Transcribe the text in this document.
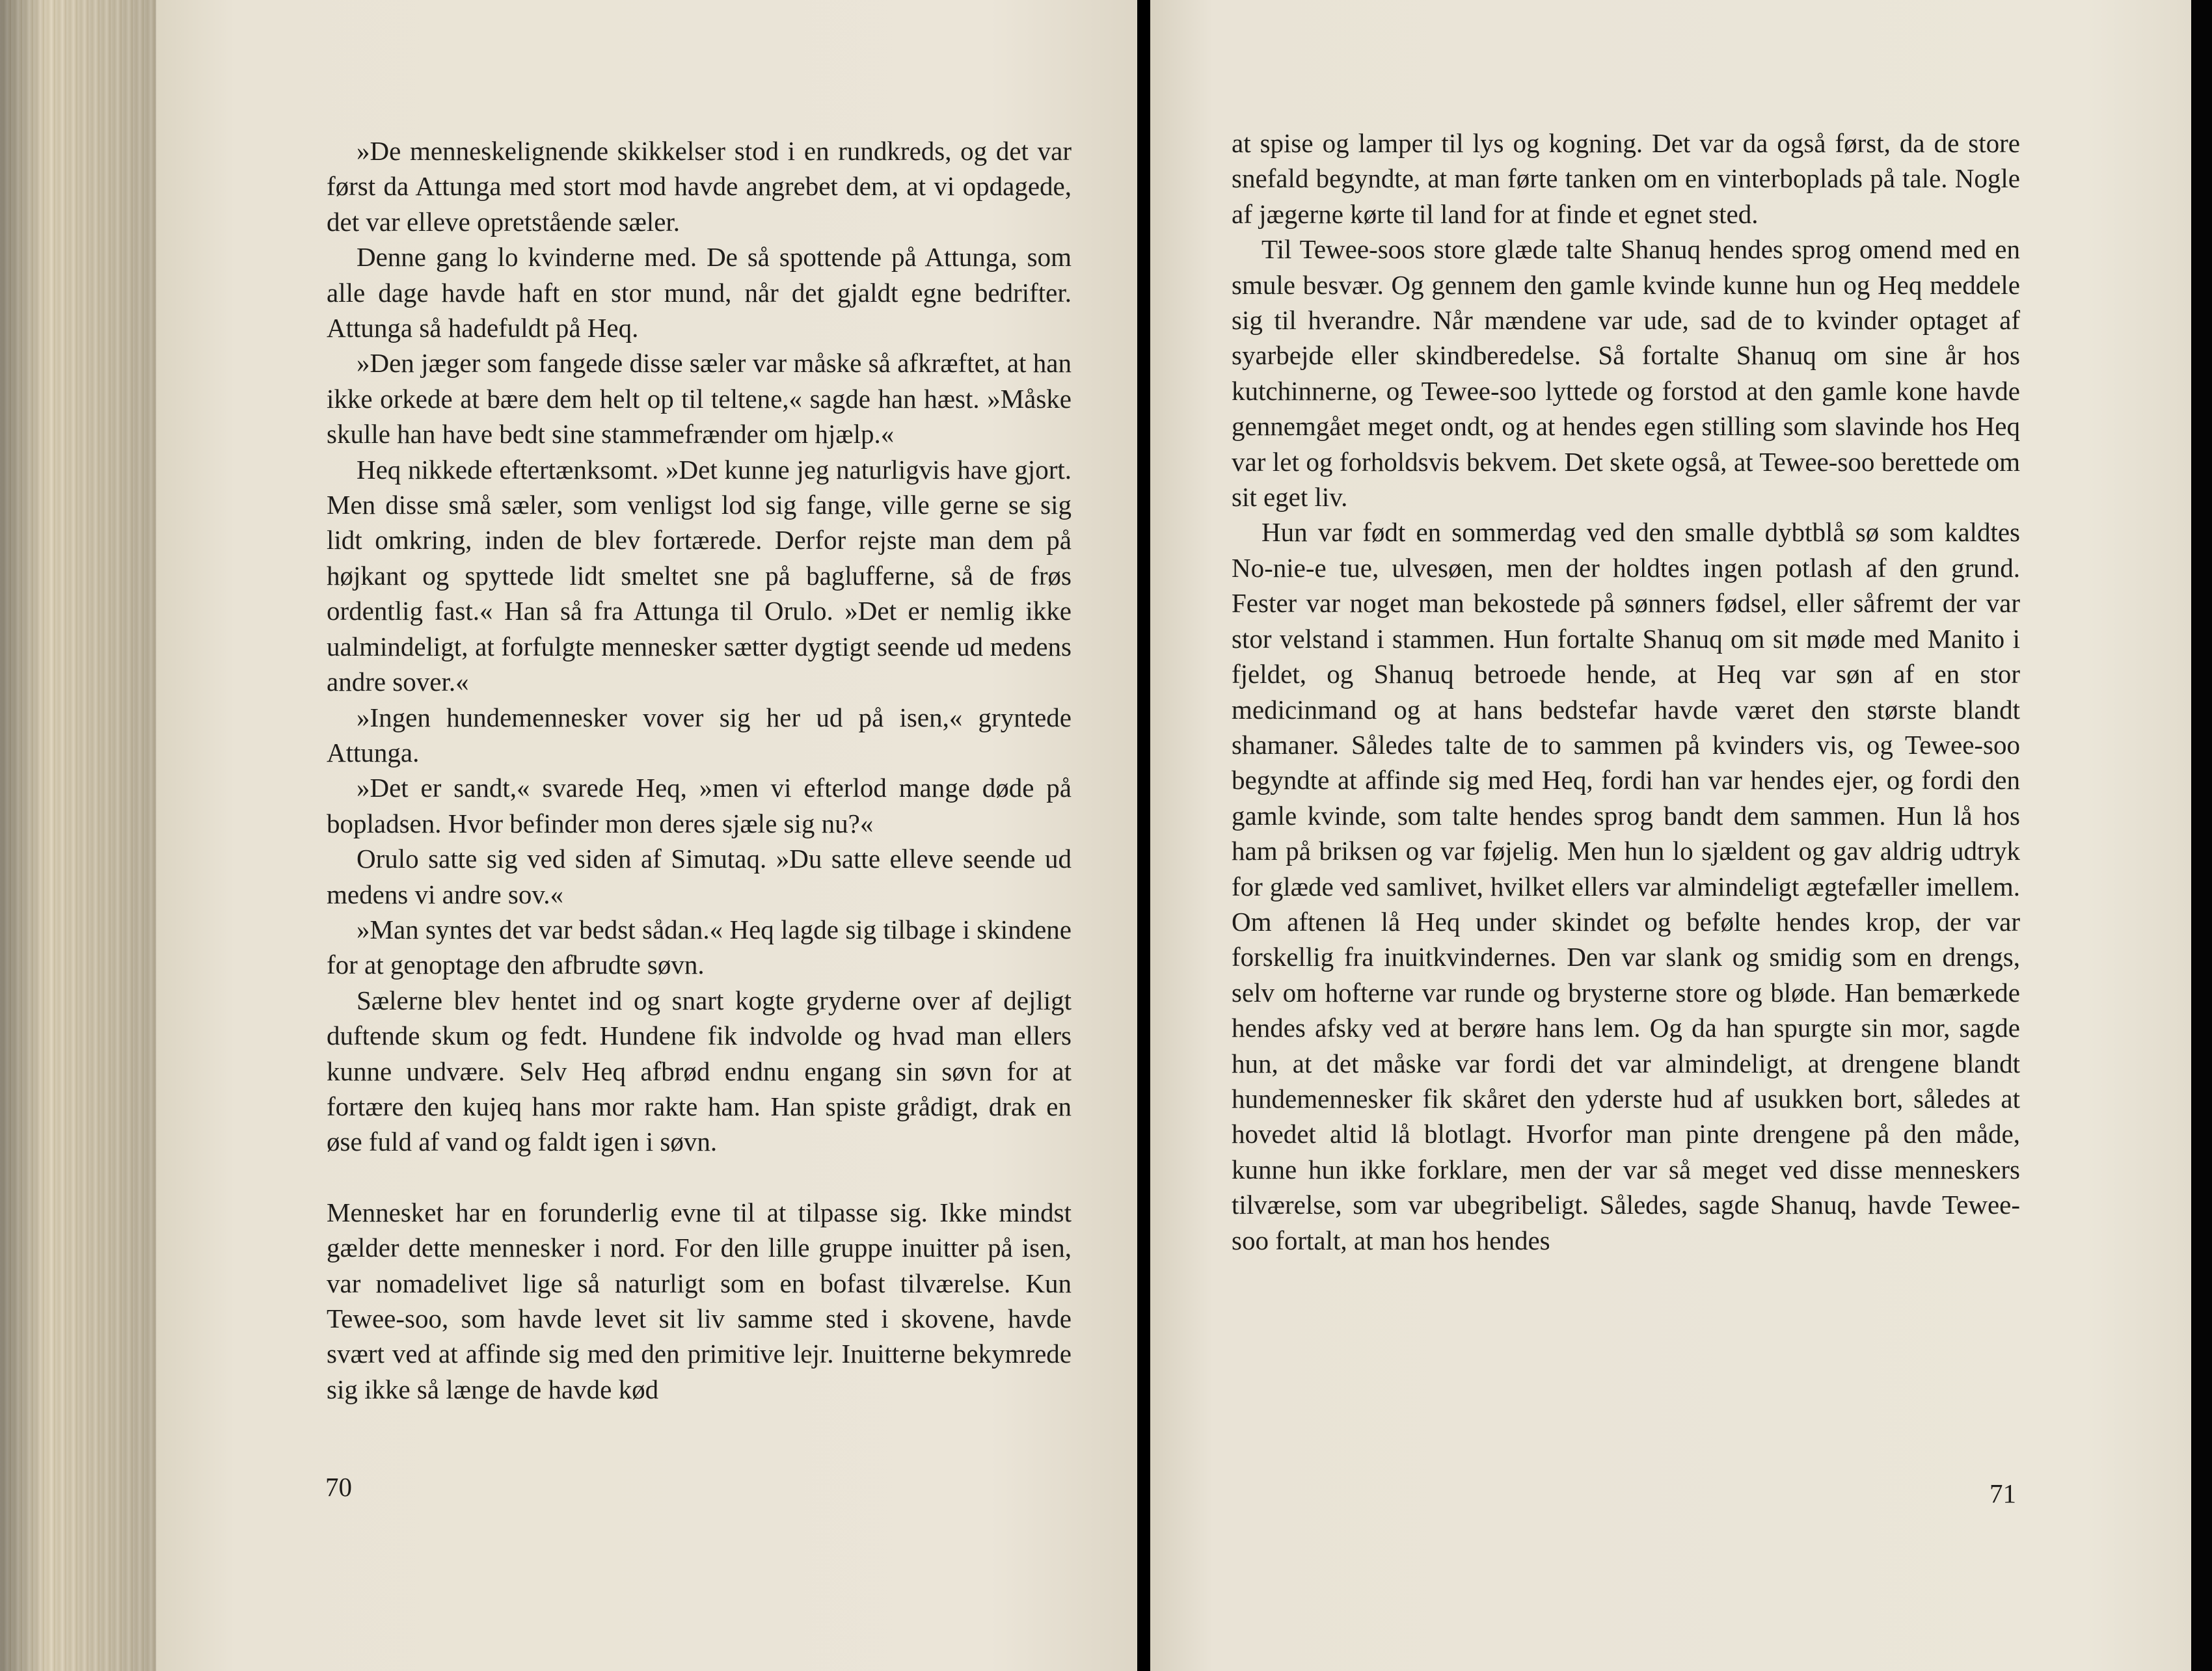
»De menneskelignende skikkelser stod i en rundkreds, og det var først da Attunga med stort mod havde angrebet dem, at vi opdagede, det var elleve opretstående sæler.

Denne gang lo kvinderne med. De så spottende på Attunga, som alle dage havde haft en stor mund, når det gjaldt egne bedrifter. Attunga så hadefuldt på Heq.

»Den jæger som fangede disse sæler var måske så afkræftet, at han ikke orkede at bære dem helt op til teltene,« sagde han hæst. »Måske skulle han have bedt sine stammefrænder om hjælp.«

Heq nikkede eftertænksomt. »Det kunne jeg naturligvis have gjort. Men disse små sæler, som venligst lod sig fange, ville gerne se sig lidt omkring, inden de blev fortærede. Derfor rejste man dem på højkant og spyttede lidt smeltet sne på baglufferne, så de frøs ordentlig fast.« Han så fra Attunga til Orulo. »Det er nemlig ikke ualmindeligt, at forfulgte mennesker sætter dygtigt seende ud medens andre sover.«

»Ingen hundemennesker vover sig her ud på isen,« gryntede Attunga.

»Det er sandt,« svarede Heq, »men vi efterlod mange døde på bopladsen. Hvor befinder mon deres sjæle sig nu?«

Orulo satte sig ved siden af Simutaq. »Du satte elleve seende ud medens vi andre sov.«

»Man syntes det var bedst sådan.« Heq lagde sig tilbage i skindene for at genoptage den afbrudte søvn.

Sælerne blev hentet ind og snart kogte gryderne over af dejligt duftende skum og fedt. Hundene fik indvolde og hvad man ellers kunne undvære. Selv Heq afbrød endnu engang sin søvn for at fortære den kujeq hans mor rakte ham. Han spiste grådigt, drak en øse fuld af vand og faldt igen i søvn.

Mennesket har en forunderlig evne til at tilpasse sig. Ikke mindst gælder dette mennesker i nord. For den lille gruppe inuitter på isen, var nomadelivet lige så naturligt som en bofast tilværelse. Kun Tewee-soo, som havde levet sit liv samme sted i skovene, havde svært ved at affinde sig med den primitive lejr. Inuitterne bekymrede sig ikke så længe de havde kød

70

at spise og lamper til lys og kogning. Det var da også først, da de store snefald begyndte, at man førte tanken om en vinterboplads på tale. Nogle af jægerne kørte til land for at finde et egnet sted.

Til Tewee-soos store glæde talte Shanuq hendes sprog omend med en smule besvær. Og gennem den gamle kvinde kunne hun og Heq meddele sig til hverandre. Når mændene var ude, sad de to kvinder optaget af syarbejde eller skindberedelse. Så fortalte Shanuq om sine år hos kutchinnerne, og Tewee-soo lyttede og forstod at den gamle kone havde gennemgået meget ondt, og at hendes egen stilling som slavinde hos Heq var let og forholdsvis bekvem. Det skete også, at Tewee-soo berettede om sit eget liv.

Hun var født en sommerdag ved den smalle dybtblå sø som kaldtes No-nie-e tue, ulvesøen, men der holdtes ingen potlash af den grund. Fester var noget man bekostede på sønners fødsel, eller såfremt der var stor velstand i stammen. Hun fortalte Shanuq om sit møde med Manito i fjeldet, og Shanuq betroede hende, at Heq var søn af en stor medicinmand og at hans bedstefar havde været den største blandt shamaner. Således talte de to sammen på kvinders vis, og Tewee-soo begyndte at affinde sig med Heq, fordi han var hendes ejer, og fordi den gamle kvinde, som talte hendes sprog bandt dem sammen. Hun lå hos ham på briksen og var føjelig. Men hun lo sjældent og gav aldrig udtryk for glæde ved samlivet, hvilket ellers var almindeligt ægtefæller imellem. Om aftenen lå Heq under skindet og befølte hendes krop, der var forskellig fra inuitkvindernes. Den var slank og smidig som en drengs, selv om hofterne var runde og brysterne store og bløde. Han bemærkede hendes afsky ved at berøre hans lem. Og da han spurgte sin mor, sagde hun, at det måske var fordi det var almindeligt, at drengene blandt hundemennesker fik skåret den yderste hud af usukken bort, således at hovedet altid lå blotlagt. Hvorfor man pinte drengene på den måde, kunne hun ikke forklare, men der var så meget ved disse menneskers tilværelse, som var ubegribeligt. Således, sagde Shanuq, havde Tewee-soo fortalt, at man hos hendes

71
